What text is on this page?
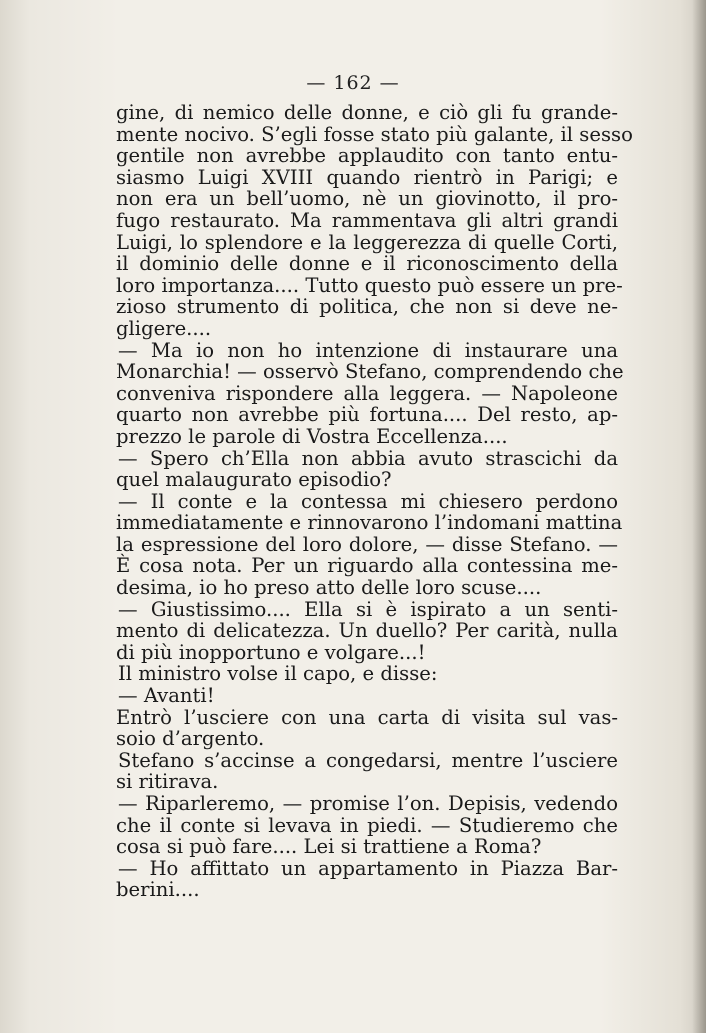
— 162 —
gine, di nemico delle donne, e ciò gli fu grande-
mente nocivo. S’egli fosse stato più galante, il sesso
gentile non avrebbe applaudito con tanto entu-
siasmo Luigi XVIII quando rientrò in Parigi; e
non era un bell’uomo, nè un giovinotto, il pro-
fugo restaurato. Ma rammentava gli altri grandi
Luigi, lo splendore e la leggerezza di quelle Corti,
il dominio delle donne e il riconoscimento della
loro importanza.... Tutto questo può essere un pre-
zioso strumento di politica, che non si deve ne-
gligere....
— Ma io non ho intenzione di instaurare una
Monarchia! — osservò Stefano, comprendendo che
conveniva rispondere alla leggera. — Napoleone
quarto non avrebbe più fortuna.... Del resto, ap-
prezzo le parole di Vostra Eccellenza....
— Spero ch’Ella non abbia avuto strascichi da
quel malaugurato episodio?
— Il conte e la contessa mi chiesero perdono
immediatamente e rinnovarono l’indomani mattina
la espressione del loro dolore, — disse Stefano. —
È cosa nota. Per un riguardo alla contessina me-
desima, io ho preso atto delle loro scuse....
— Giustissimo.... Ella si è ispirato a un senti-
mento di delicatezza. Un duello? Per carità, nulla
di più inopportuno e volgare...!
Il ministro volse il capo, e disse:
— Avanti!
Entrò l’usciere con una carta di visita sul vas-
soio d’argento.
Stefano s’accinse a congedarsi, mentre l’usciere
si ritirava.
— Riparleremo, — promise l’on. Depisis, vedendo
che il conte si levava in piedi. — Studieremo che
cosa si può fare.... Lei si trattiene a Roma?
— Ho affittato un appartamento in Piazza Bar-
berini....
